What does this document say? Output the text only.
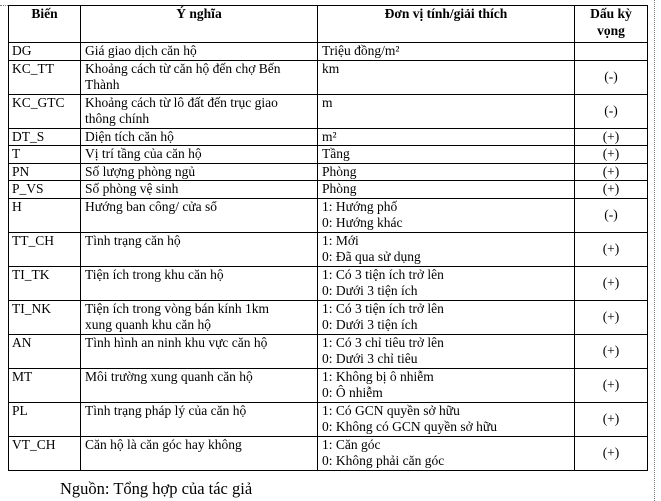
Biến	Ý nghĩa	Đơn vị tính/giải thích	Dấu kỳ
vọng

DG	Giá giao dịch căn hộ	Triệu đồng/m²	

KC_TT	Khoảng cách từ căn hộ đến chợ Bến
Thành	km	(-)
KC_GTC	Khoảng cách từ lô đất đến trục giao
thông chính	m	(-)
DT_S	Diện tích căn hộ	m²	(+)
T	Vị trí tầng của căn hộ	Tầng	(+)
PN	Số lượng phòng ngủ	Phòng	(+)
P_VS	Số phòng vệ sinh	Phòng	(+)
H	Hướng ban công/ cửa sổ	1: Hướng phố
0: Hướng khác	(-)
TT_CH	Tình trạng căn hộ	1: Mới
0: Đã qua sử dụng	(+)
TI_TK	Tiện ích trong khu căn hộ	1: Có 3 tiện ích trở lên
0: Dưới 3 tiện ích	(+)
TI_NK	Tiện ích trong vòng bán kính 1km
xung quanh khu căn hộ	1: Có 3 tiện ích trở lên
0: Dưới 3 tiện ích	(+)
AN	Tình hình an ninh khu vực căn hộ	1: Có 3 chỉ tiêu trở lên
0: Dưới 3 chỉ tiêu	(+)
MT	Môi trường xung quanh căn hộ	1: Không bị ô nhiễm
0: Ô nhiễm	(+)
PL	Tình trạng pháp lý của căn hộ	1: Có GCN quyền sở hữu
0: Không có GCN quyền sở hữu	(+)
VT_CH	Căn hộ là căn góc hay không	1: Căn góc
0: Không phải căn góc	(+)
Nguồn: Tổng hợp của tác giả
